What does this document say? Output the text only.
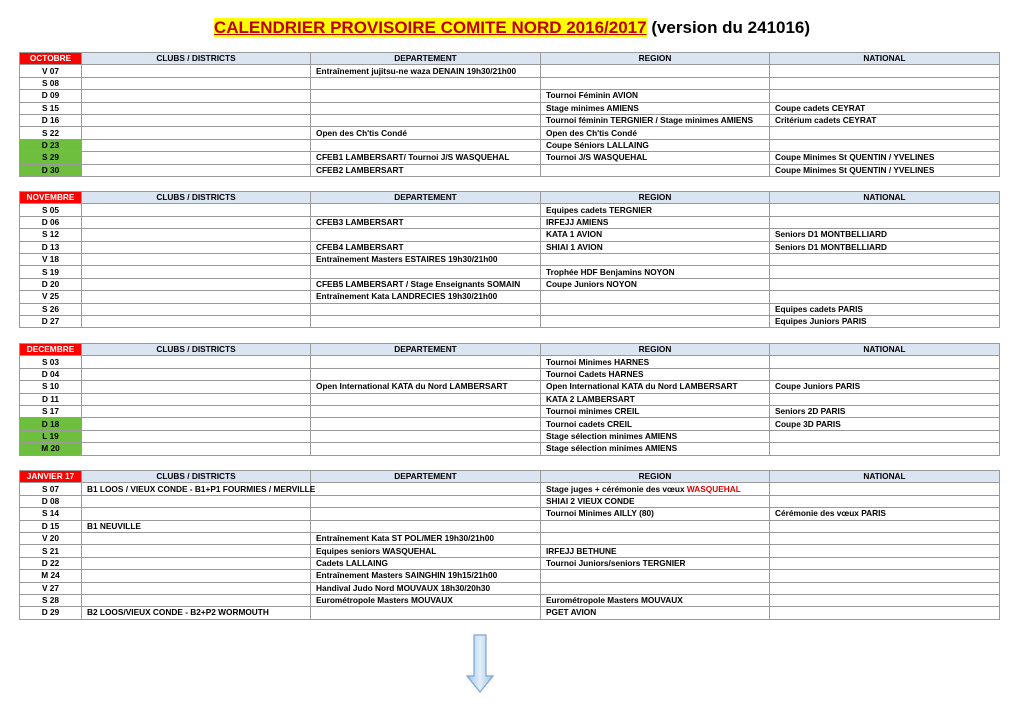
CALENDRIER PROVISOIRE COMITE NORD 2016/2017 (version du 241016)
OCTOBRE	CLUBS / DISTRICTS	DEPARTEMENT	REGION	NATIONAL
V 07		Entraînement jujitsu-ne waza DENAIN 19h30/21h00		
S 08				
D 09			Tournoi Féminin AVION	
S 15			Stage minimes AMIENS	Coupe cadets CEYRAT
D 16			Tournoi féminin TERGNIER / Stage minimes AMIENS	Critérium cadets CEYRAT
S 22		Open des Ch'tis Condé	Open des Ch'tis Condé	
D 23			Coupe Séniors LALLAING	
S 29		CFEB1 LAMBERSART/ Tournoi J/S WASQUEHAL	Tournoi J/S WASQUEHAL	Coupe Minimes St QUENTIN / YVELINES
D 30		CFEB2 LAMBERSART		Coupe Minimes St QUENTIN / YVELINES
NOVEMBRE	CLUBS / DISTRICTS	DEPARTEMENT	REGION	NATIONAL
S 05			Equipes cadets TERGNIER	
D 06		CFEB3 LAMBERSART	IRFEJJ AMIENS	
S 12			KATA 1 AVION	Seniors D1 MONTBELLIARD
D 13		CFEB4 LAMBERSART	SHIAI 1 AVION	Seniors D1 MONTBELLIARD
V 18		Entraînement Masters ESTAIRES 19h30/21h00		
S 19			Trophée HDF Benjamins NOYON	
D 20		CFEB5 LAMBERSART / Stage Enseignants SOMAIN	Coupe Juniors NOYON	
V 25		Entraînement Kata LANDRECIES 19h30/21h00		
S 26				Equipes cadets PARIS
D 27				Equipes Juniors PARIS
DECEMBRE	CLUBS / DISTRICTS	DEPARTEMENT	REGION	NATIONAL
S 03			Tournoi Minimes HARNES	
D 04			Tournoi Cadets HARNES	
S 10		Open International KATA du Nord LAMBERSART	Open International KATA du Nord LAMBERSART	Coupe Juniors PARIS
D 11			KATA 2 LAMBERSART	
S 17			Tournoi minimes CREIL	Seniors 2D PARIS
D 18			Tournoi cadets CREIL	Coupe 3D PARIS
L 19			Stage sélection minimes AMIENS	
M 20			Stage sélection minimes AMIENS	
JANVIER 17	CLUBS / DISTRICTS	DEPARTEMENT	REGION	NATIONAL
S 07	B1 LOOS / VIEUX CONDE - B1+P1 FOURMIES / MERVILLE		Stage juges + cérémonie des vœux WASQUEHAL	
D 08			SHIAI 2 VIEUX CONDE	
S 14			Tournoi Minimes AILLY (80)	Cérémonie des vœux PARIS
D 15	B1 NEUVILLE			
V 20		Entraînement Kata ST POL/MER 19h30/21h00		
S 21		Equipes seniors WASQUEHAL	IRFEJJ BETHUNE	
D 22		Cadets LALLAING	Tournoi Juniors/seniors TERGNIER	
M 24		Entraînement Masters SAINGHIN 19h15/21h00		
V 27		Handival Judo Nord MOUVAUX 18h30/20h30		
S 28		Eurométropole Masters MOUVAUX	Eurométropole Masters MOUVAUX	
D 29	B2 LOOS/VIEUX CONDE - B2+P2 WORMOUTH		PGET AVION	
